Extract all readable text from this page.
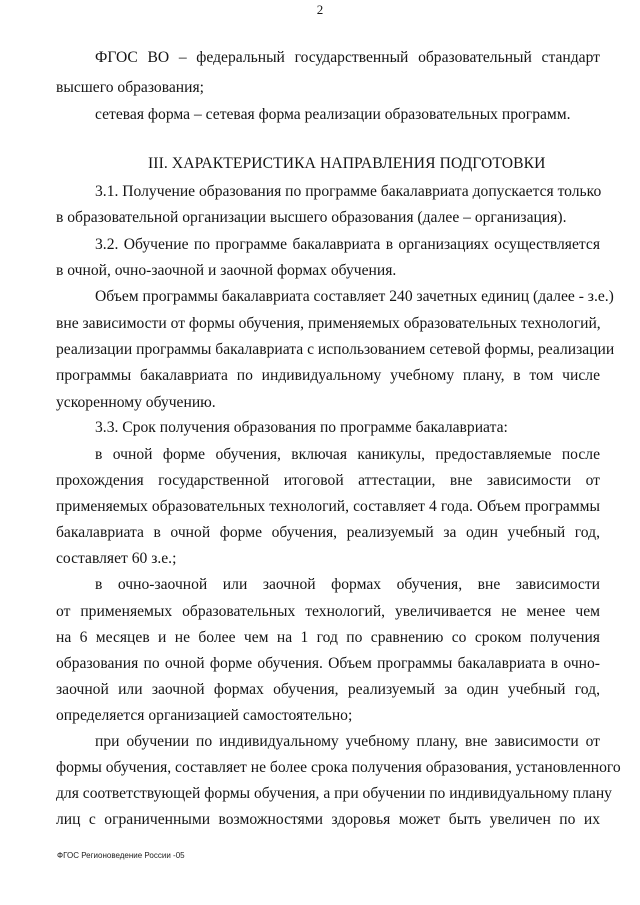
2
ФГОС ВО – федеральный государственный образовательный стандарт
высшего образования;
сетевая форма – сетевая форма реализации образовательных программ.
III. ХАРАКТЕРИСТИКА НАПРАВЛЕНИЯ ПОДГОТОВКИ
3.1. Получение образования по программе бакалавриата допускается только
в образовательной организации высшего образования (далее – организация).
3.2. Обучение по программе бакалавриата в организациях осуществляется
в очной, очно-заочной и заочной формах обучения.
Объем программы бакалавриата составляет 240 зачетных единиц (далее - з.е.)
вне зависимости от формы обучения, применяемых образовательных технологий,
реализации программы бакалавриата с использованием сетевой формы, реализации
программы бакалавриата по индивидуальному учебному плану, в том числе
ускоренному обучению.
3.3. Срок получения образования по программе бакалавриата:
в очной форме обучения, включая каникулы, предоставляемые после
прохождения государственной итоговой аттестации, вне зависимости от
применяемых образовательных технологий, составляет 4 года. Объем программы
бакалавриата в очной форме обучения, реализуемый за один учебный год,
составляет 60 з.е.;
в очно-заочной или заочной формах обучения, вне зависимости
от применяемых образовательных технологий, увеличивается не менее чем
на 6 месяцев и не более чем на 1 год по сравнению со сроком получения
образования по очной форме обучения. Объем программы бакалавриата в очно-
заочной или заочной формах обучения, реализуемый за один учебный год,
определяется организацией самостоятельно;
при обучении по индивидуальному учебному плану, вне зависимости от
формы обучения, составляет не более срока получения образования, установленного
для соответствующей формы обучения, а при обучении по индивидуальному плану
лиц с ограниченными возможностями здоровья может быть увеличен по их
ФГОС Регионоведение России -05
